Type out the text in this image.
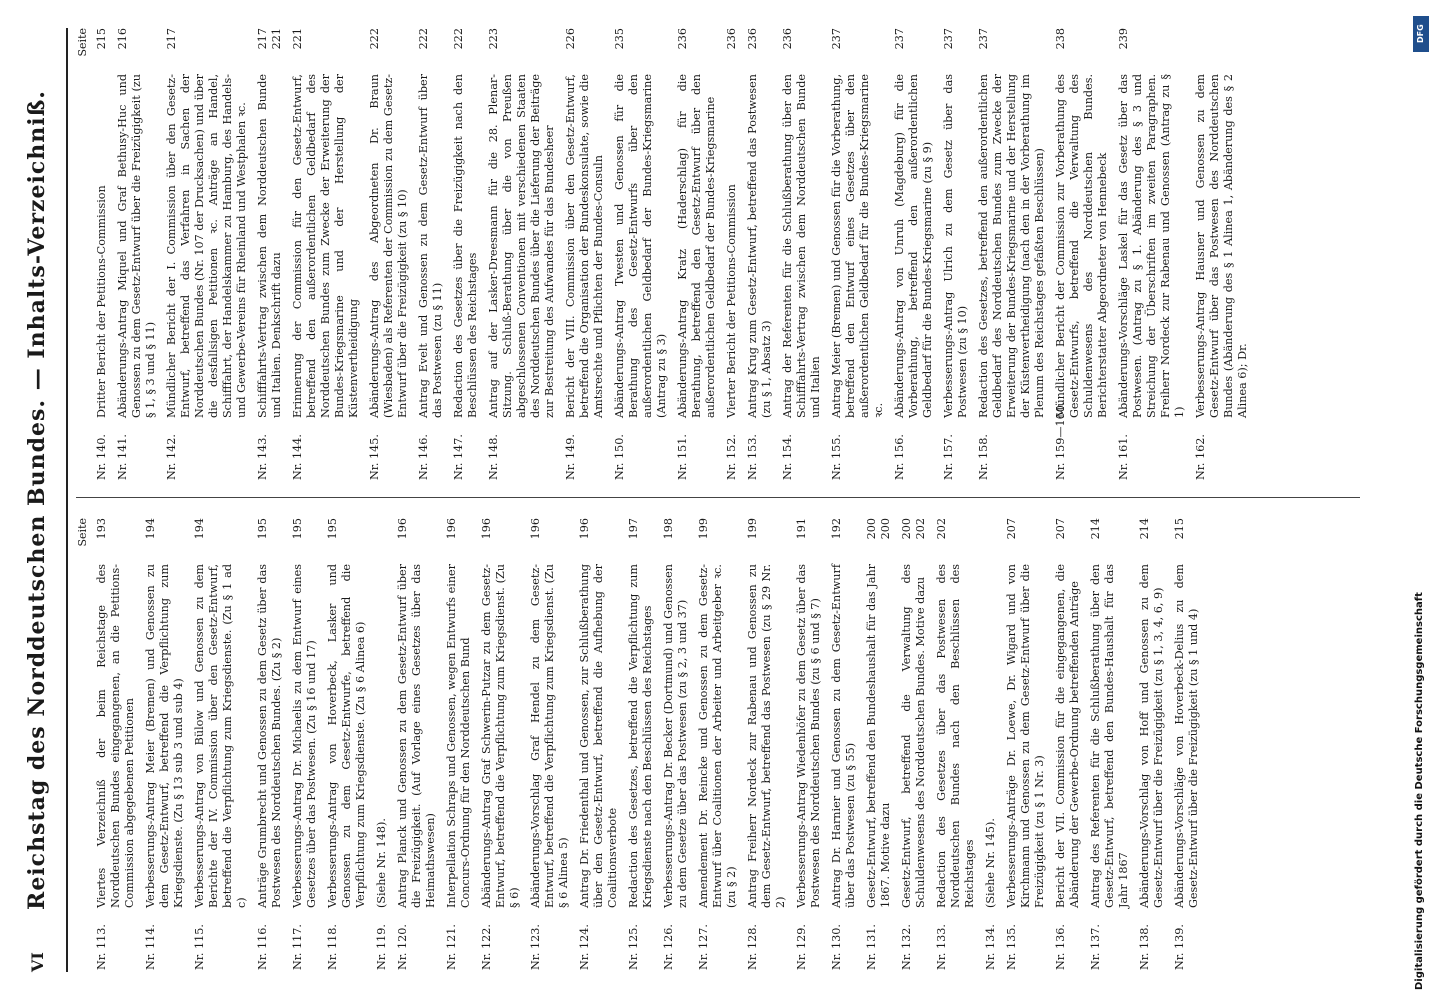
VI
Reichstag des Norddeutschen Bundes. — Inhalts-Verzeichniß. Seite
Nr. 113.
Viertes Verzeichniß der beim Reichstage des Norddeutschen Bundes eingegangenen, an die Petitions-Commission abgegebenen Petitionen
193
Nr. 114.
Verbesserungs-Antrag Meier (Bremen) und Genossen zu dem Gesetz-Entwurf, betreffend die Verpflichtung zum Kriegsdienste. (Zu § 13 sub 3 und sub 4)
194
Nr. 115.
Verbesserungs-Antrag von Bülow und Genossen zu dem Berichte der IV. Commission über den Gesetz-Entwurf, betreffend die Verpflichtung zum Kriegsdienste. (Zu § 1 ad c)
194
Nr. 116.
Anträge Grumbrecht und Genossen zu dem Gesetz über das Postwesen des Norddeutschen Bundes. (Zu § 2)
195
Nr. 117.
Verbesserungs-Antrag Dr. Michaelis zu dem Entwurf eines Gesetzes über das Postwesen. (Zu § 16 und 17)
195
Nr. 118.
Verbesserungs-Antrag von Hoverbeck, Lasker und Genossen zu dem Gesetz-Entwurfe, betreffend die Verpflichtung zum Kriegsdienste. (Zu § 6 Alinea 6)
195
Nr. 119.
(Siehe Nr. 148).
Nr. 120.
Antrag Planck und Genossen zu dem Gesetz-Entwurf über die Freizügigkeit. (Auf Vorlage eines Gesetzes über das Heimathswesen)
196
Nr. 121.
Interpellation Schraps und Genossen, wegen Entwurfs einer Concurs-Ordnung für den Norddeutschen Bund
196
Nr. 122.
Abänderungs-Antrag Graf Schwerin-Putzar zu dem Gesetz-Entwurf, betreffend die Verpflichtung zum Kriegsdienst. (Zu § 6)
196
Nr. 123.
Abänderungs-Vorschlag Graf Hendel zu dem Gesetz-Entwurf, betreffend die Verpflichtung zum Kriegsdienst. (Zu § 6 Alinea 5)
196
Nr. 124.
Antrag Dr. Friedenthal und Genossen, zur Schlußberathung über den Gesetz-Entwurf, betreffend die Aufhebung der Coalitionsverbote
196
Nr. 125.
Redaction des Gesetzes, betreffend die Verpflichtung zum Kriegsdienste nach den Beschlüssen des Reichstages
197
Nr. 126.
Verbesserungs-Antrag Dr. Becker (Dortmund) und Genossen zu dem Gesetze über das Postwesen (zu § 2, 3 und 37)
198
Nr. 127.
Amendement Dr. Reincke und Genossen zu dem Gesetz-Entwurf über Coalitionen der Arbeiter und Arbeitgeber ꝛc. (zu § 2)
199
Nr. 128.
Antrag Freiherr Nordeck zur Rabenau und Genossen zu dem Gesetz-Entwurf, betreffend das Postwesen (zu § 29 Nr. 2)
199
Nr. 129.
Verbesserungs-Antrag Wiedenhöfer zu dem Gesetz über das Postwesen des Norddeutschen Bundes (zu § 6 und § 7)
191
Nr. 130.
Antrag Dr. Harnier und Genossen zu dem Gesetz-Entwurf über das Postwesen (zu § 55)
192
Nr. 131.
Gesetz-Entwurf, betreffend den Bundeshaushalt für das Jahr 1867. Motive dazu
200
200
Nr. 132.
Gesetz-Entwurf, betreffend die Verwaltung des Schuldenwesens des Norddeutschen Bundes. Motive dazu
200
202
Nr. 133.
Redaction des Gesetzes über das Postwesen des Norddeutschen Bundes nach den Beschlüssen des Reichstages
202
Nr. 134.
(Siehe Nr. 145).
Nr. 135.
Verbesserungs-Anträge Dr. Loewe, Dr. Wigard und von Kirchmann und Genossen zu dem Gesetz-Entwurf über die Freizügigkeit (zu § 1 Nr. 3)
207
Nr. 136.
Bericht der VII. Commission für die eingegangenen, die Abänderung der Gewerbe-Ordnung betreffenden Anträge
207
Nr. 137.
Antrag des Referenten für die Schlußberathung über den Gesetz-Entwurf, betreffend den Bundes-Haushalt für das Jahr 1867
214
Nr. 138.
Abänderungs-Vorschlag von Hoff und Genossen zu dem Gesetz-Entwurf über die Freizügigkeit (zu § 1, 3, 4, 6, 9)
214
Nr. 139.
Abänderungs-Vorschläge von Hoverbeck-Delius zu dem Gesetz-Entwurf über die Freizügigkeit (zu § 1 und 4)
215
Seite
Nr. 140.
Dritter Bericht der Petitions-Commission
215
Nr. 141.
Abänderungs-Antrag Miquel und Graf Bethusy-Huc und Genossen zu dem Gesetz-Entwurf über die Freizügigkeit (zu § 1, § 3 und § 11)
216
Nr. 142.
Mündlicher Bericht der I. Commission über den Gesetz-Entwurf, betreffend das Verfahren in Sachen der Norddeutschen Bundes (Nr. 107 der Drucksachen) und über die desfallsigen Petitionen ꝛc. Anträge an Handel, Schifffahrt, der Handelskammer zu Hamburg, des Handels- und Gewerbe-Vereins für Rheinland und Westphalen ꝛc.
217
Nr. 143.
Schifffahrts-Vertrag zwischen dem Norddeutschen Bunde und Italien. Denkschrift dazu
217
221
Nr. 144.
Erinnerung der Commission für den Gesetz-Entwurf, betreffend den außerordentlichen Geldbedarf des Norddeutschen Bundes zum Zwecke der Erweiterung der Bundes-Kriegsmarine und der Herstellung der Küstenvertheidigung
221
Nr. 145.
Abänderungs-Antrag des Abgeordneten Dr. Braun (Wiesbaden) als Referenten der Commission zu dem Gesetz-Entwurf über die Freizügigkeit (zu § 10)
222
Nr. 146.
Antrag Evelt und Genossen zu dem Gesetz-Entwurf über das Postwesen (zu § 11)
222
Nr. 147.
Redaction des Gesetzes über die Freizügigkeit nach den Beschlüssen des Reichstages
222
Nr. 148.
Antrag auf der Lasker-Dreesmann für die 28. Plenar-Sitzung. Schluß-Berathung über die von Preußen abgeschlossenen Conventionen mit verschiedenen Staaten des Norddeutschen Bundes über die Lieferung der Beiträge zur Bestreitung des Aufwandes für das Bundesheer
223
Nr. 149.
Bericht der VIII. Commission über den Gesetz-Entwurf, betreffend die Organisation der Bundeskonsulate, sowie die Amtsrechte und Pflichten der Bundes-Consuln
226
Nr. 150.
Abänderungs-Antrag Twesten und Genossen für die Berathung des Gesetz-Entwurfs über den außerordentlichen Geldbedarf der Bundes-Kriegsmarine (Antrag zu § 3)
235
Nr. 151.
Abänderungs-Antrag Kratz (Haderschlag) für die Berathung, betreffend den Gesetz-Entwurf über den außerordentlichen Geldbedarf der Bundes-Kriegsmarine
236
Nr. 152.
Vierter Bericht der Petitions-Commission
236
Nr. 153.
Antrag Krug zum Gesetz-Entwurf, betreffend das Postwesen (zu § 1, Absatz 3)
236
Nr. 154.
Antrag der Referenten für die Schlußberathung über den Schifffahrts-Vertrag zwischen dem Norddeutschen Bunde und Italien
236
Nr. 155.
Antrag Meier (Bremen) und Genossen für die Vorberathung, betreffend den Entwurf eines Gesetzes über den außerordentlichen Geldbedarf für die Bundes-Kriegsmarine ꝛc.
237
Nr. 156.
Abänderungs-Antrag von Unruh (Magdeburg) für die Vorberathung, betreffend den außerordentlichen Geldbedarf für die Bundes-Kriegsmarine (zu § 9)
237
Nr. 157.
Verbesserungs-Antrag Ulrich zu dem Gesetz über das Postwesen (zu § 10)
237
Nr. 158.
Redaction des Gesetzes, betreffend den außerordentlichen Geldbedarf des Norddeutschen Bundes zum Zwecke der Erweiterung der Bundes-Kriegsmarine und der Herstellung der Küstenvertheidigung (nach den in der Vorberathung im Plenum des Reichstages gefaßten Beschlüssen)
237
Nr. 159—160.
Mündlicher Bericht der Commission zur Vorberathung des Gesetz-Entwurfs, betreffend die Verwaltung des Schuldenwesens des Norddeutschen Bundes. Berichterstatter Abgeordneter von Hennebeck
238
Nr. 161.
Abänderungs-Vorschläge Laskel für das Gesetz über das Postwesen. (Antrag zu § 1. Abänderung des § 3 und Streichung der Überschriften im zweiten Paragraphen. Freiherr Nordeck zur Rabenau und Genossen (Antrag zu § 1)
239
Nr. 162.
Verbesserungs-Antrag Hausner und Genossen zu dem Gesetz-Entwurf über das Postwesen des Norddeutschen Bundes (Abänderung des § 1 Alinea 1, Abänderung des § 2 Alinea 6); Dr.
DFG
Digitalisierung gefördert durch die Deutsche Forschungsgemeinschaft
